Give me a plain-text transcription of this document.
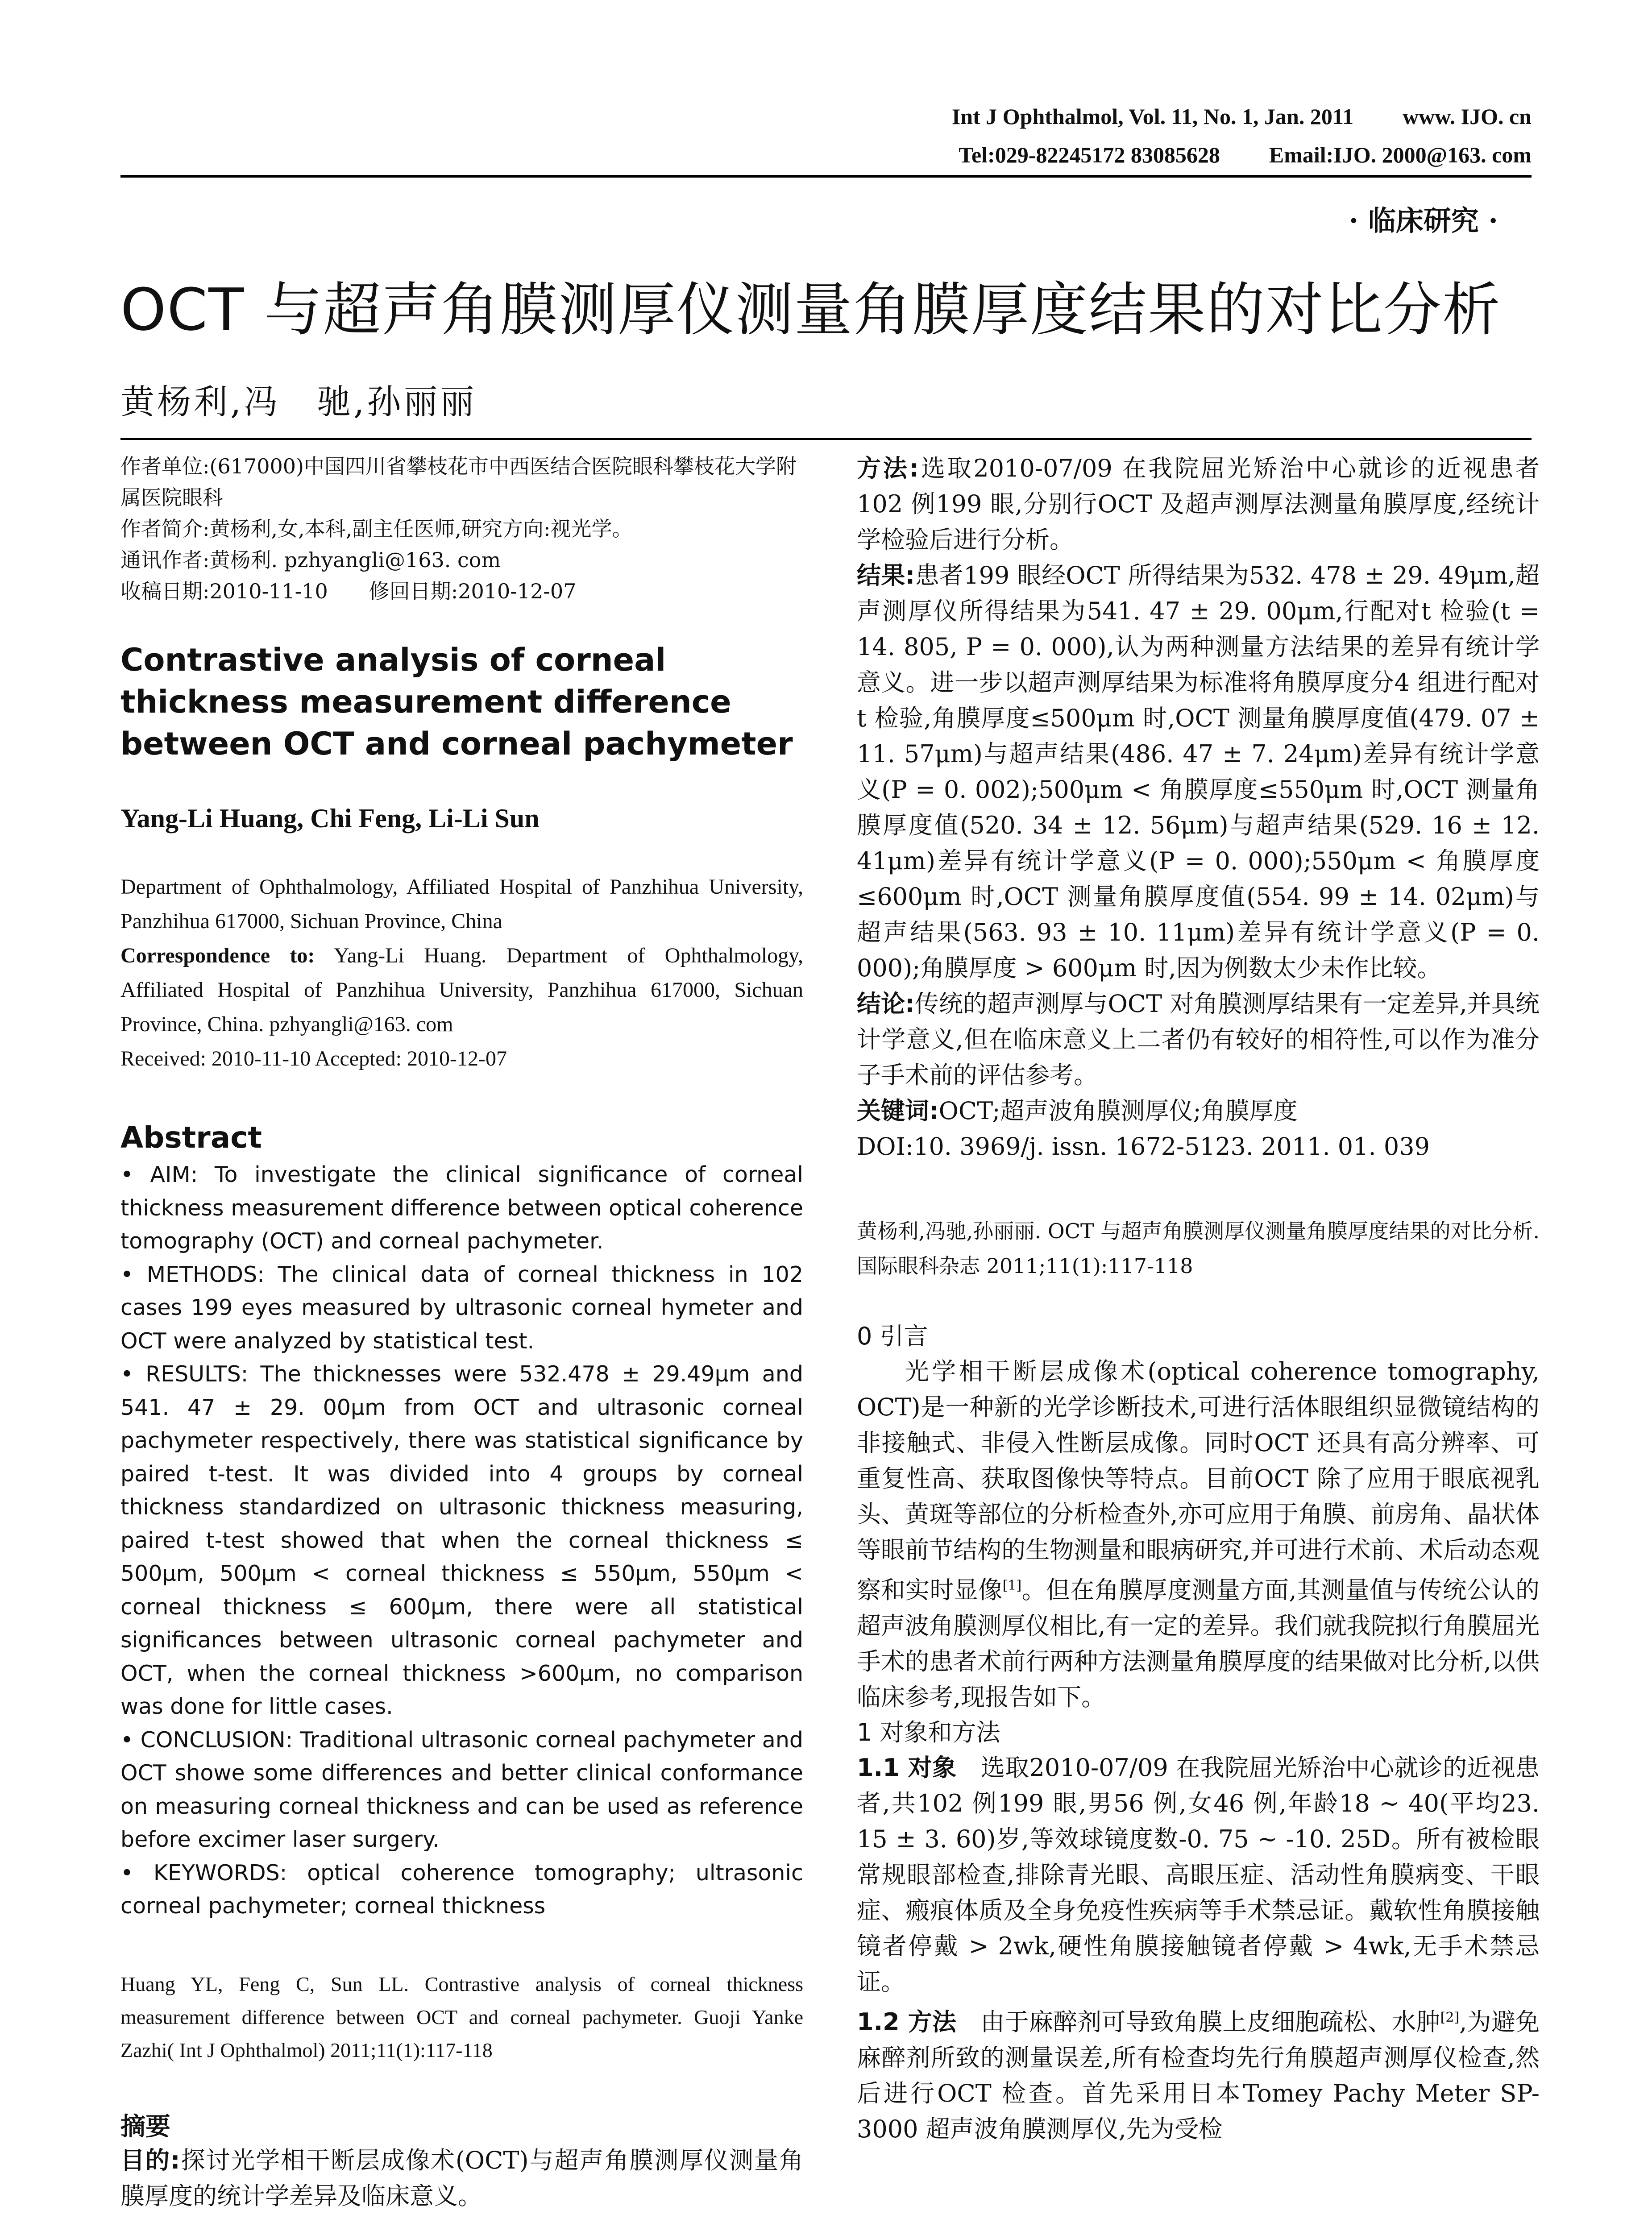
Int J Ophthalmol, Vol. 11, No. 1, Jan. 2011 www. IJO. cn
Tel:029-82245172 83085628 Email:IJO. 2000@163. com
· 临床研究 ·
OCT 与超声角膜测厚仪测量角膜厚度结果的对比分析
黄杨利,冯　驰,孙丽丽
作者单位:(617000)中国四川省攀枝花市中西医结合医院眼科攀枝花大学附属医院眼科
作者简介:黄杨利,女,本科,副主任医师,研究方向:视光学。
通讯作者:黄杨利. pzhyangli@163. com
收稿日期:2010-11-10　　修回日期:2010-12-07
Contrastive analysis of corneal thickness measurement difference between OCT and corneal pachymeter
Yang-Li Huang, Chi Feng, Li-Li Sun
Department of Ophthalmology, Affiliated Hospital of Panzhihua University, Panzhihua 617000, Sichuan Province, China
Correspondence to: Yang-Li Huang. Department of Ophthalmology, Affiliated Hospital of Panzhihua University, Panzhihua 617000, Sichuan Province, China. pzhyangli@163. com
Received: 2010-11-10 Accepted: 2010-12-07
Abstract

• AIM: To investigate the clinical significance of corneal thickness measurement difference between optical coherence tomography (OCT) and corneal pachymeter.

• METHODS: The clinical data of corneal thickness in 102 cases 199 eyes measured by ultrasonic corneal hymeter and OCT were analyzed by statistical test.

• RESULTS: The thicknesses were 532.478 ± 29.49μm and 541. 47 ± 29. 00μm from OCT and ultrasonic corneal pachymeter respectively, there was statistical significance by paired t-test. It was divided into 4 groups by corneal thickness standardized on ultrasonic thickness measuring, paired t-test showed that when the corneal thickness ≤ 500μm, 500μm < corneal thickness ≤ 550μm, 550μm < corneal thickness ≤ 600μm, there were all statistical significances between ultrasonic corneal pachymeter and OCT, when the corneal thickness >600μm, no comparison was done for little cases.

• CONCLUSION: Traditional ultrasonic corneal pachymeter and OCT showe some differences and better clinical conformance on measuring corneal thickness and can be used as reference before excimer laser surgery.

• KEYWORDS: optical coherence tomography; ultrasonic corneal pachymeter; corneal thickness

Huang YL, Feng C, Sun LL. Contrastive analysis of corneal thickness measurement difference between OCT and corneal pachymeter. Guoji Yanke Zazhi( Int J Ophthalmol) 2011;11(1):117-118
摘要
目的:探讨光学相干断层成像术(OCT)与超声角膜测厚仪测量角膜厚度的统计学差异及临床意义。

方法:选取2010-07/09 在我院屈光矫治中心就诊的近视患者102 例199 眼,分别行OCT 及超声测厚法测量角膜厚度,经统计学检验后进行分析。

结果:患者199 眼经OCT 所得结果为532. 478 ± 29. 49μm,超声测厚仪所得结果为541. 47 ± 29. 00μm,行配对t 检验(t = 14. 805, P = 0. 000),认为两种测量方法结果的差异有统计学意义。进一步以超声测厚结果为标准将角膜厚度分4 组进行配对t 检验,角膜厚度≤500μm 时,OCT 测量角膜厚度值(479. 07 ± 11. 57μm)与超声结果(486. 47 ± 7. 24μm)差异有统计学意义(P = 0. 002);500μm < 角膜厚度≤550μm 时,OCT 测量角膜厚度值(520. 34 ± 12. 56μm)与超声结果(529. 16 ± 12. 41μm)差异有统计学意义(P = 0. 000);550μm < 角膜厚度≤600μm 时,OCT 测量角膜厚度值(554. 99 ± 14. 02μm)与超声结果(563. 93 ± 10. 11μm)差异有统计学意义(P = 0. 000);角膜厚度 > 600μm 时,因为例数太少未作比较。

结论:传统的超声测厚与OCT 对角膜测厚结果有一定差异,并具统计学意义,但在临床意义上二者仍有较好的相符性,可以作为准分子手术前的评估参考。

关键词:OCT;超声波角膜测厚仪;角膜厚度

DOI:10. 3969/j. issn. 1672-5123. 2011. 01. 039

黄杨利,冯驰,孙丽丽. OCT 与超声角膜测厚仪测量角膜厚度结果的对比分析. 国际眼科杂志 2011;11(1):117-118
0 引言
光学相干断层成像术(optical coherence tomography, OCT)是一种新的光学诊断技术,可进行活体眼组织显微镜结构的非接触式、非侵入性断层成像。同时OCT 还具有高分辨率、可重复性高、获取图像快等特点。目前OCT 除了应用于眼底视乳头、黄斑等部位的分析检查外,亦可应用于角膜、前房角、晶状体等眼前节结构的生物测量和眼病研究,并可进行术前、术后动态观察和实时显像[1]。但在角膜厚度测量方面,其测量值与传统公认的超声波角膜测厚仪相比,有一定的差异。我们就我院拟行角膜屈光手术的患者术前行两种方法测量角膜厚度的结果做对比分析,以供临床参考,现报告如下。
1 对象和方法
1.1 对象　选取2010-07/09 在我院屈光矫治中心就诊的近视患者,共102 例199 眼,男56 例,女46 例,年龄18 ~ 40(平均23. 15 ± 3. 60)岁,等效球镜度数-0. 75 ~ -10. 25D。所有被检眼常规眼部检查,排除青光眼、高眼压症、活动性角膜病变、干眼症、瘢痕体质及全身免疫性疾病等手术禁忌证。戴软性角膜接触镜者停戴 > 2wk,硬性角膜接触镜者停戴 > 4wk,无手术禁忌证。
1.2 方法　由于麻醉剂可导致角膜上皮细胞疏松、水肿[2],为避免麻醉剂所致的测量误差,所有检查均先行角膜超声测厚仪检查,然后进行OCT 检查。首先采用日本Tomey Pachy Meter SP-3000 超声波角膜测厚仪,先为受检
